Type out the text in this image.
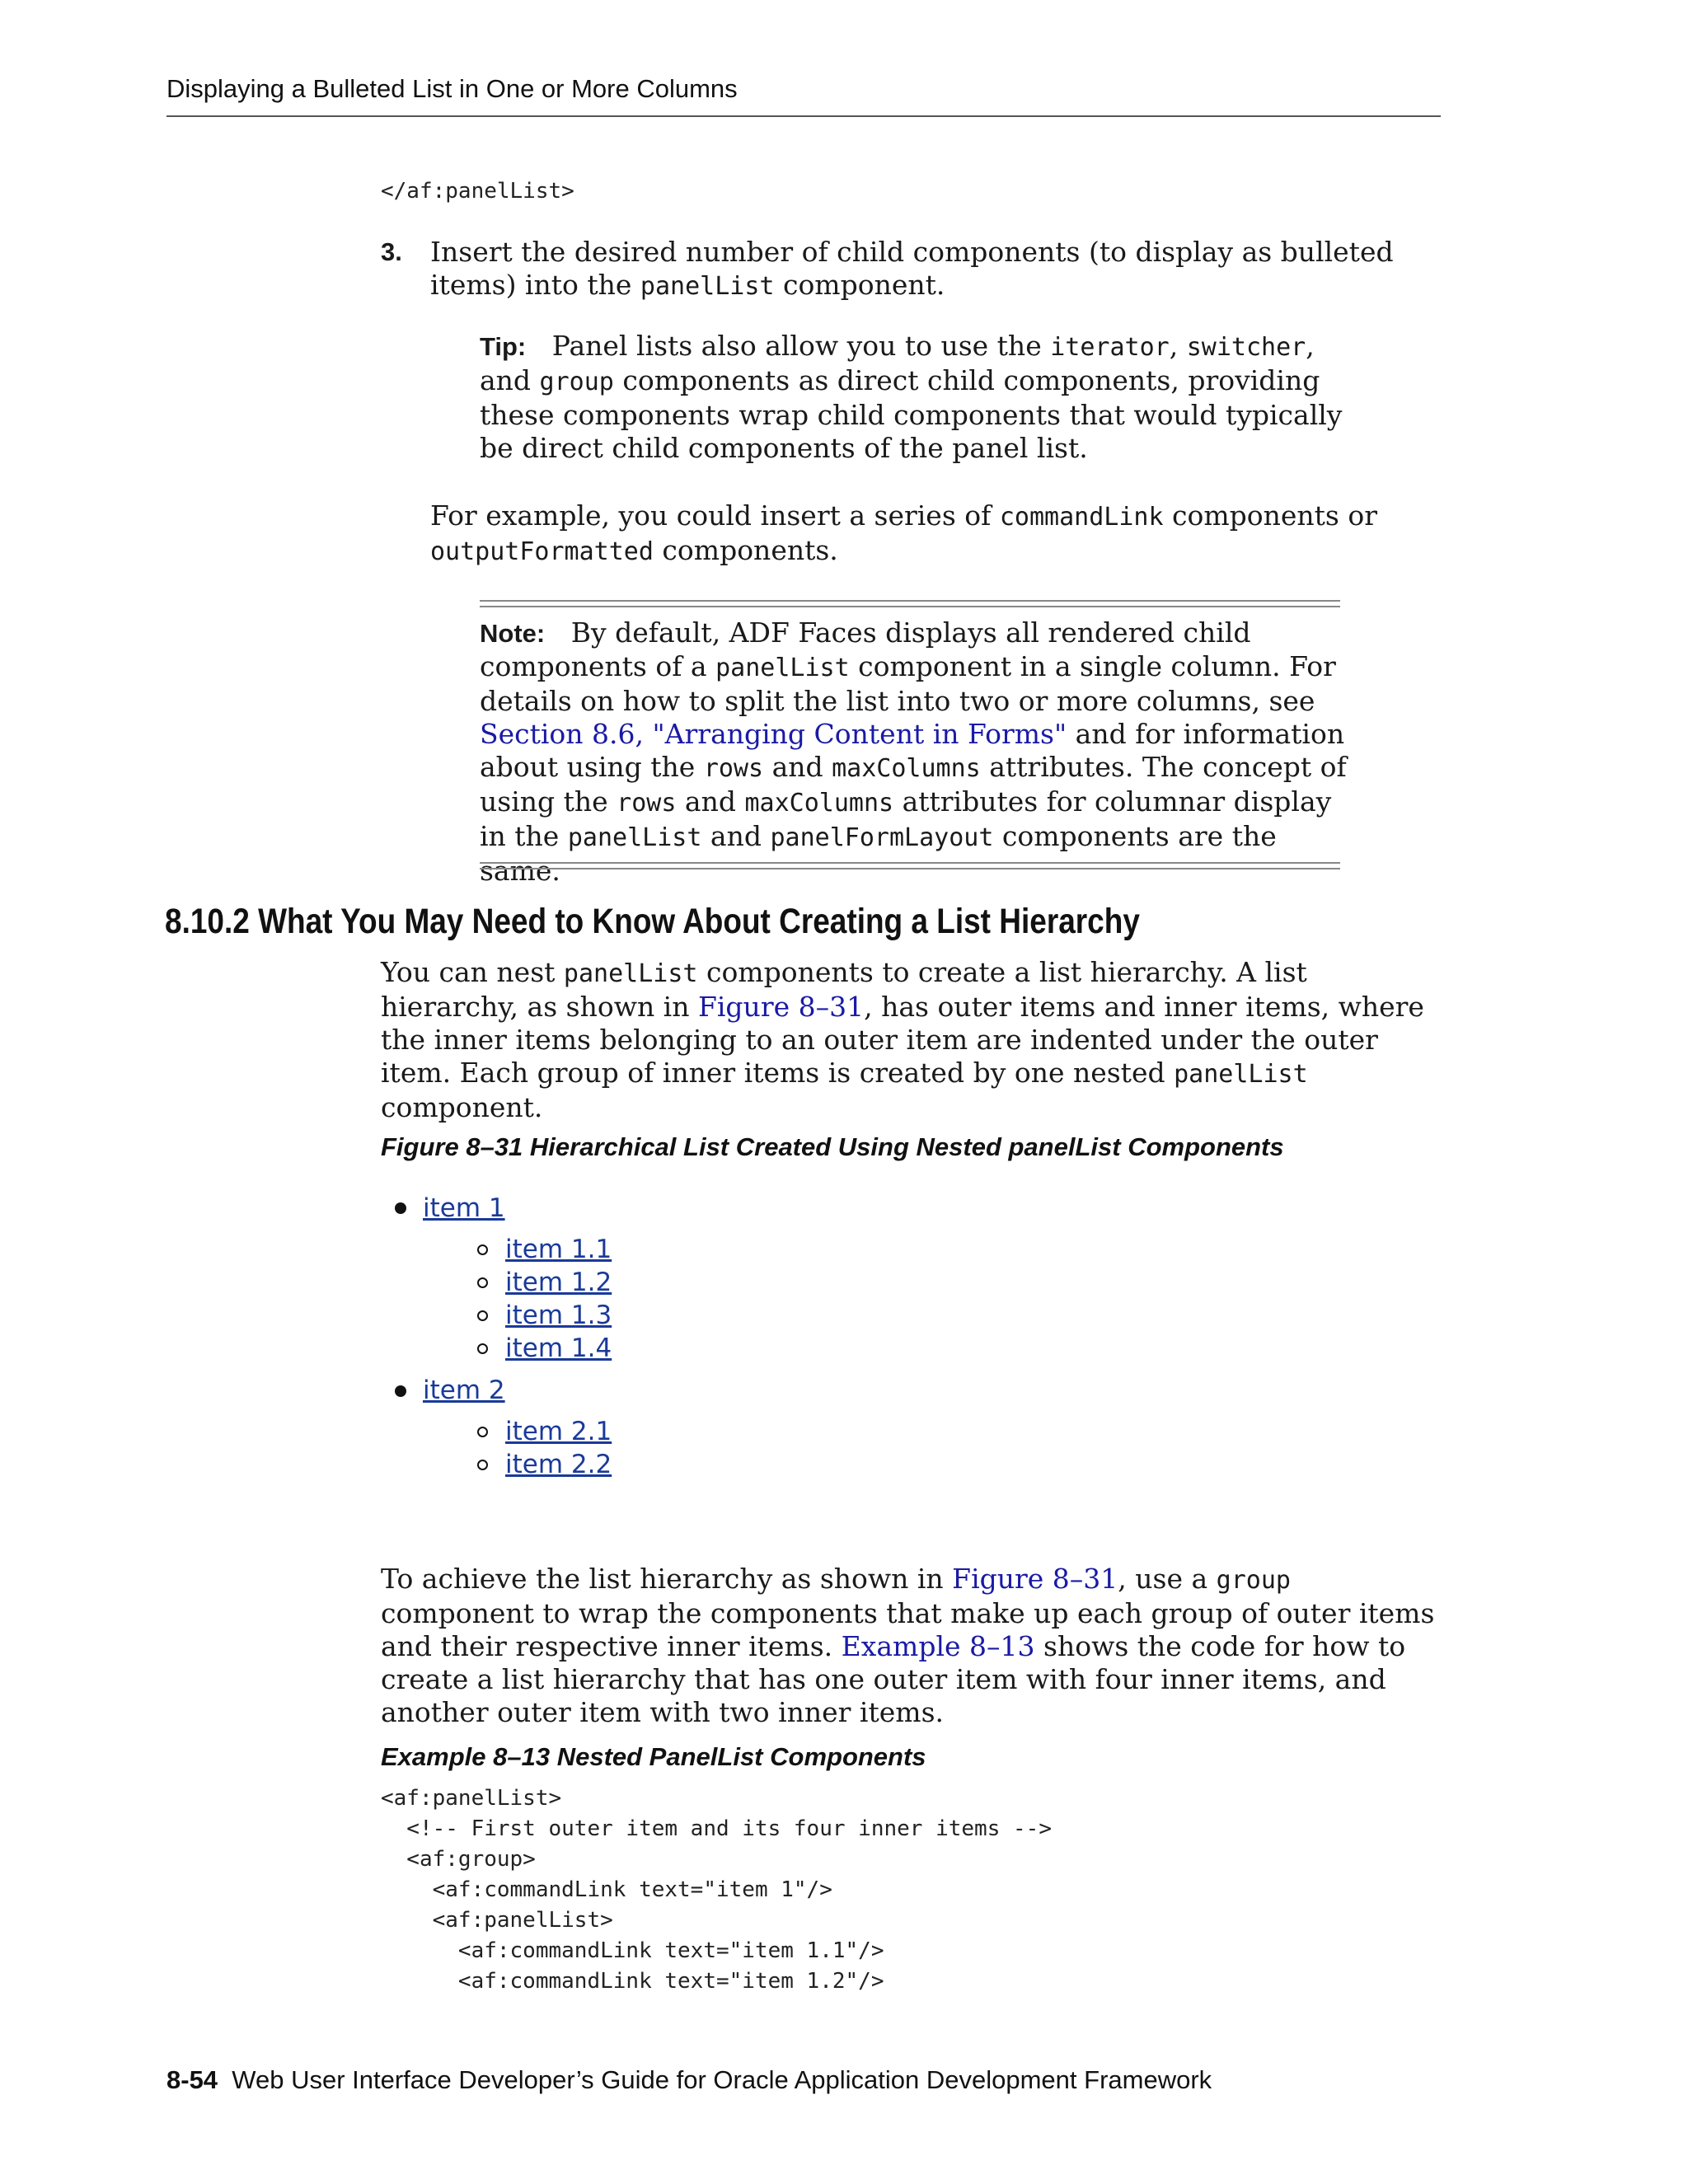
Displaying a Bulleted List in One or More Columns
</af:panelList>
3. Insert the desired number of child components (to display as bulleted items) into the panelList component.
Tip: Panel lists also allow you to use the iterator, switcher, and group components as direct child components, providing these components wrap child components that would typically be direct child components of the panel list.
For example, you could insert a series of commandLink components or outputFormatted components.
Note: By default, ADF Faces displays all rendered child components of a panelList component in a single column. For details on how to split the list into two or more columns, see Section 8.6, "Arranging Content in Forms" and for information about using the rows and maxColumns attributes. The concept of using the rows and maxColumns attributes for columnar display in the panelList and panelFormLayout components are the same.
8.10.2 What You May Need to Know About Creating a List Hierarchy
You can nest panelList components to create a list hierarchy. A list hierarchy, as shown in Figure 8–31, has outer items and inner items, where the inner items belonging to an outer item are indented under the outer item. Each group of inner items is created by one nested panelList component.
Figure 8–31 Hierarchical List Created Using Nested panelList Components
item 1
item 1.1
item 1.2
item 1.3
item 1.4
item 2
item 2.1
item 2.2
To achieve the list hierarchy as shown in Figure 8–31, use a group component to wrap the components that make up each group of outer items and their respective inner items. Example 8–13 shows the code for how to create a list hierarchy that has one outer item with four inner items, and another outer item with two inner items.
Example 8–13 Nested PanelList Components
<af:panelList>
<!-- First outer item and its four inner items -->
<af:group>
<af:commandLink text="item 1"/>
<af:panelList>
<af:commandLink text="item 1.1"/>
<af:commandLink text="item 1.2"/>
8-54 Web User Interface Developer’s Guide for Oracle Application Development Framework
